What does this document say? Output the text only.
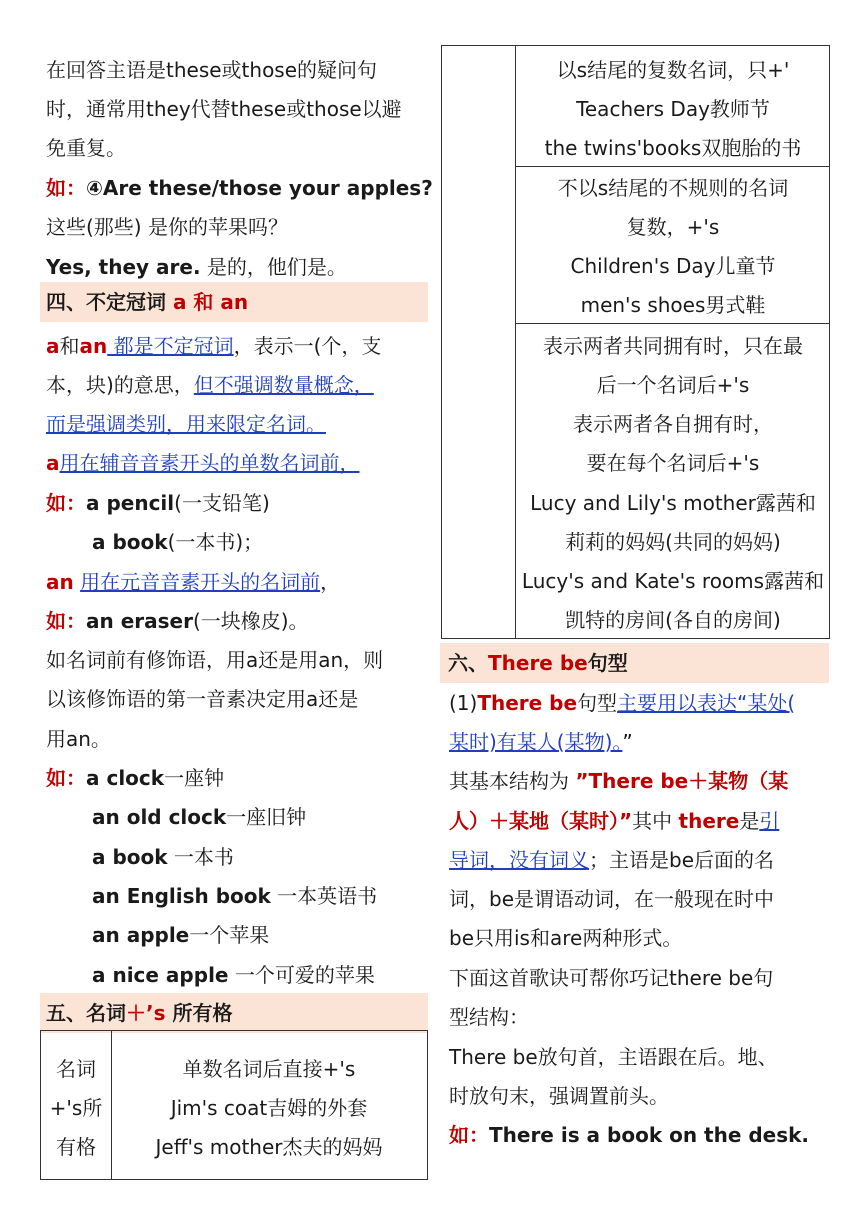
在回答主语是these或those的疑问句
时，通常用they代替these或those以避
免重复。
如：④Are these/those your apples?
这些(那些) 是你的苹果吗？
Yes, they are. 是的，他们是。
四、不定冠词 a 和 an
a和an 都是不定冠词，表示一(个，支
本，块)的意思，但不强调数量概念，
而是强调类别，用来限定名词。
a用在辅音音素开头的单数名词前，
如：a pencil(一支铅笔)
a book(一本书)；
an 用在元音音素开头的名词前，
如：an eraser(一块橡皮)。
如名词前有修饰语，用a还是用an，则
以该修饰语的第一音素决定用a还是
用an。
如：a clock一座钟
an old clock一座旧钟
a book 一本书
an English book 一本英语书
an apple一个苹果
a nice apple 一个可爱的苹果
五、名词＋’s 所有格
名词
+'s所
有格
单数名词后直接+'s
Jim's coat吉姆的外套
Jeff's mother杰夫的妈妈
以s结尾的复数名词，只+'
Teachers Day教师节
the twins'books双胞胎的书
不以s结尾的不规则的名词
复数，+'s
Children's Day儿童节
men's shoes男式鞋
表示两者共同拥有时，只在最
后一个名词后+'s
表示两者各自拥有时，
要在每个名词后+'s
Lucy and Lily's mother露茜和
莉莉的妈妈(共同的妈妈)
Lucy's and Kate's rooms露茜和
凯特的房间(各自的房间)
六、There be句型
(1)There be句型主要用以表达“某处(
某时)有某人(某物)。”
其基本结构为 ”There be＋某物（某
人）＋某地（某时）”其中 there是引
导词，没有词义；主语是be后面的名
词，be是谓语动词，在一般现在时中
be只用is和are两种形式。
下面这首歌诀可帮你巧记there be句
型结构：
There be放句首，主语跟在后。地、
时放句末，强调置前头。
如：There is a book on the desk.
